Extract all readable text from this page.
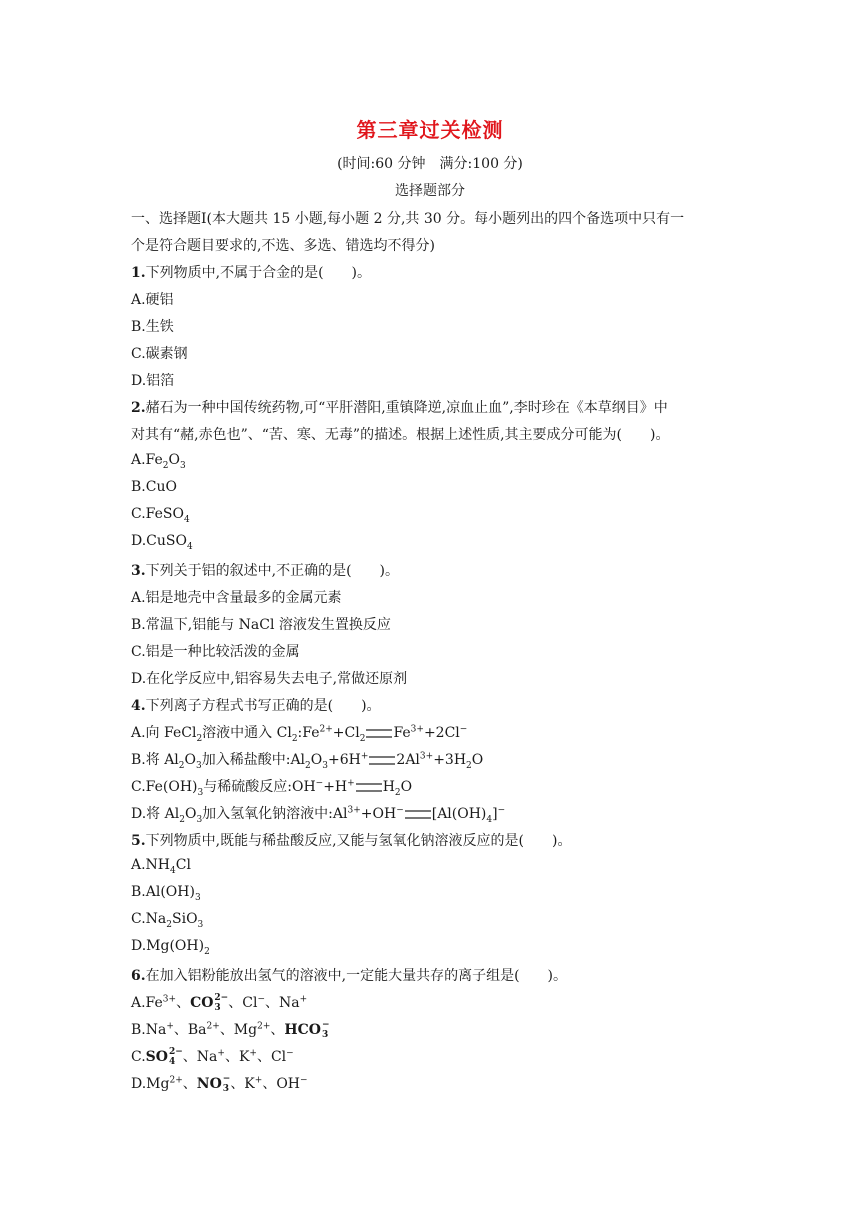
第三章过关检测
(时间:60 分钟　满分:100 分)
选择题部分
一、选择题Ⅰ(本大题共 15 小题,每小题 2 分,共 30 分。每小题列出的四个备选项中只有一
个是符合题目要求的,不选、多选、错选均不得分)
1.下列物质中,不属于合金的是(　　)。
A.硬铝
B.生铁
C.碳素钢
D.铝箔
2.赭石为一种中国传统药物,可“平肝潜阳,重镇降逆,凉血止血”,李时珍在《本草纲目》中
对其有“赭,赤色也”、“苦、寒、无毒”的描述。根据上述性质,其主要成分可能为(　　)。
$A.Fe_2O_3$
B.CuO
C.FeSO$_4$
D.CuSO$_4$
3.下列关于铝的叙述中,不正确的是(　　)。
A.铝是地壳中含量最多的金属元素
B.常温下,铝能与 NaCl 溶液发生置换反应
C.铝是一种比较活泼的金属
D.在化学反应中,铝容易失去电子,常做还原剂
4.下列离子方程式书写正确的是(　　)。
A.向 FeCl$_2$溶液中通入 $Cl_2:Fe^{2+}+Cl_2$ $Fe^{3+}+2Cl^-$
B.将 $Al_2O_3$加入稀盐酸中$:Al_2O_3+6H^+$ $2Al^{3+}+3H_2O$
$C.Fe(OH)_3$与稀硫酸反应:OH−+H+ $H_2O$
D.将 $Al_2O_3$加入氢氧化钠溶液中$:Al^{3+}+OH^-$ $[Al(OH)_4]^-$
5.下列物质中,既能与稀盐酸反应,又能与氢氧化钠溶液反应的是(　　)。
$A.NH_4Cl$
$B.Al(OH)_3$
$C.Na_2SiO_3$
$D.Mg(OH)_2$
6.在加入铝粉能放出氢气的溶液中,一定能大量共存的离子组是(　　)。
$A.Fe^{3+}$、CO 2−
3 、Cl−、Na+
B.Na+、$Ba^{2+}$、$Mg^{2+}$、HCO −
3
C.SO 2−
4 、Na+、K+、Cl−
$D.Mg^{2+}$、NO −
3 、K+、OH−
